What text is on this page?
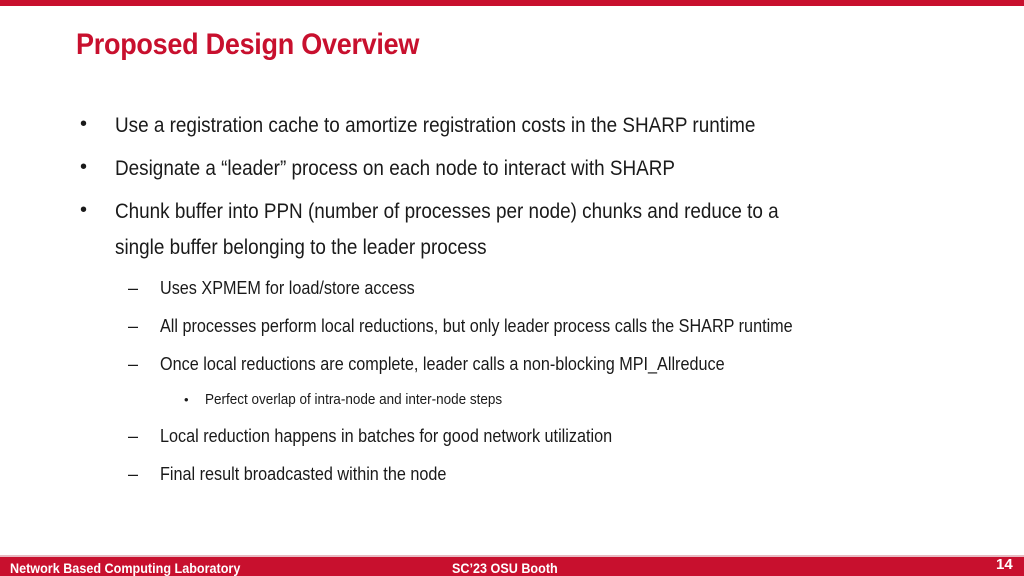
Proposed Design Overview
• Use a registration cache to amortize registration costs in the SHARP runtime
• Designate a “leader” process on each node to interact with SHARP
• Chunk buffer into PPN (number of processes per node) chunks and reduce to a
single buffer belonging to the leader process
– Uses XPMEM for load/store access
– All processes perform local reductions, but only leader process calls the SHARP runtime
– Once local reductions are complete, leader calls a non-blocking MPI_Allreduce
• Perfect overlap of intra-node and inter-node steps
– Local reduction happens in batches for good network utilization
– Final result broadcasted within the node
Network Based Computing Laboratory	SC’23 OSU Booth	14
